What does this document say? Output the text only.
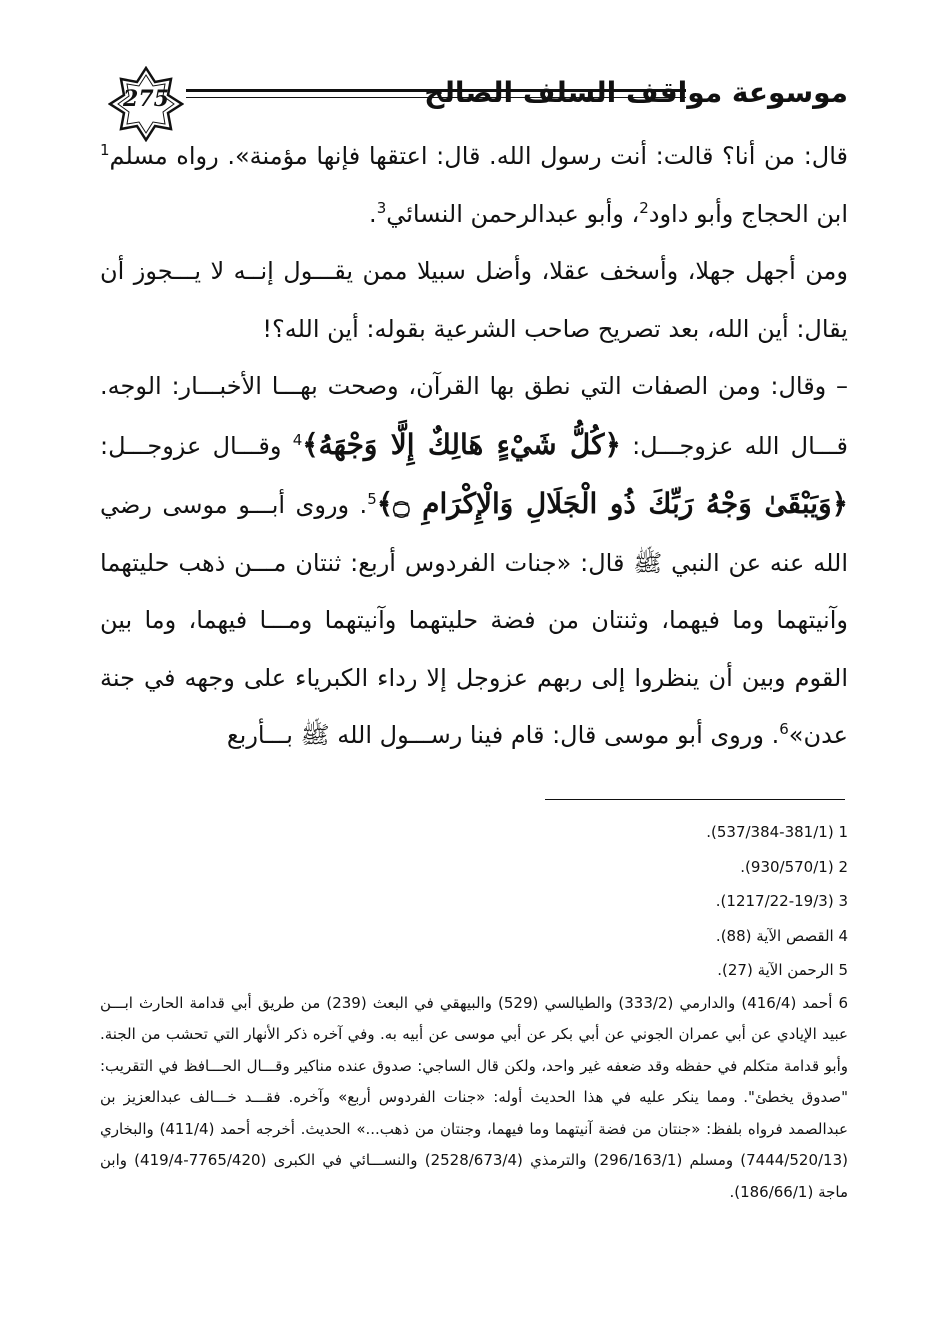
275	موسوعة مواقف السلف الصالح

قال: من أنا؟ قالت: أنت رسول الله. قال: اعتقها فإنها مؤمنة». رواه مسلم$^1$ ابن الحجاج وأبو داود$^2$، وأبو عبدالرحمن النسائي$^3$.

ومن أجهل جهلا، وأسخف عقلا، وأضل سبيلا ممن يقـــول إنــه لا يـــجوز أن يقال: أين الله، بعد تصريح صاحب الشرعية بقوله: أين الله؟!

– وقال: ومن الصفات التي نطق بها القرآن، وصحت بهـــا الأخبـــار: الوجه. قـــال الله عزوجـــل: ﴿كُلُّ شَيْءٍ هَالِكٌ إِلَّا وَجْهَهُ﴾$^4$ وقـــال عزوجـــل: ﴿وَيَبْقَىٰ وَجْهُ رَبِّكَ ذُو الْجَلَالِ وَالْإِكْرَامِ ۝﴾$^5$. وروى أبـــو موسى رضي الله عنه عن النبي ﷺ قال: «جنات الفردوس أربع: ثنتان مـــن ذهب حليتهما وآنيتهما وما فيهما، وثنتان من فضة حليتهما وآنيتهما ومـــا فيهما، وما بين القوم وبين أن ينظروا إلى ربهم عزوجل إلا رداء الكبرياء على وجهه في جنة عدن»$^6$. وروى أبو موسى قال: قام فينا رســـول الله ﷺ بـــأربع

1 (537/384-381/1).

2 (930/570/1).

3 (1217/22-19/3).

4 القصص الآية (88).

5 الرحمن الآية (27).

6 أحمد (416/4) والدارمي (333/2) والطيالسي (529) والبيهقي في البعث (239) من طريق أبي قدامة الحارث ابـــن عبيد الإيادي عن أبي عمران الجوني عن أبي بكر عن أبي موسى عن أبيه به. وفي آخره ذكر الأنهار التي تحشب من الجنة. وأبو قدامة متكلم في حفظه وقد ضعفه غير واحد، ولكن قال الساجي: صدوق عنده مناكير وقـــال الحـــافظ في التقريب: "صدوق يخطئ". ومما ينكر عليه في هذا الحديث أوله: «جنات الفردوس أربع» وآخره. فقـــد خـــالف عبدالعزيز بن عبدالصمد فرواه بلفظ: «جنتان من فضة آنيتهما وما فيهما، وجنتان من ذهب...» الحديث. أخرجه أحمد (411/4) والبخاري (7444/520/13) ومسلم (296/163/1) والترمذي (2528/673/4) والنســـائي في الكبرى (7765/420-419/4) وابن ماجة (186/66/1).
